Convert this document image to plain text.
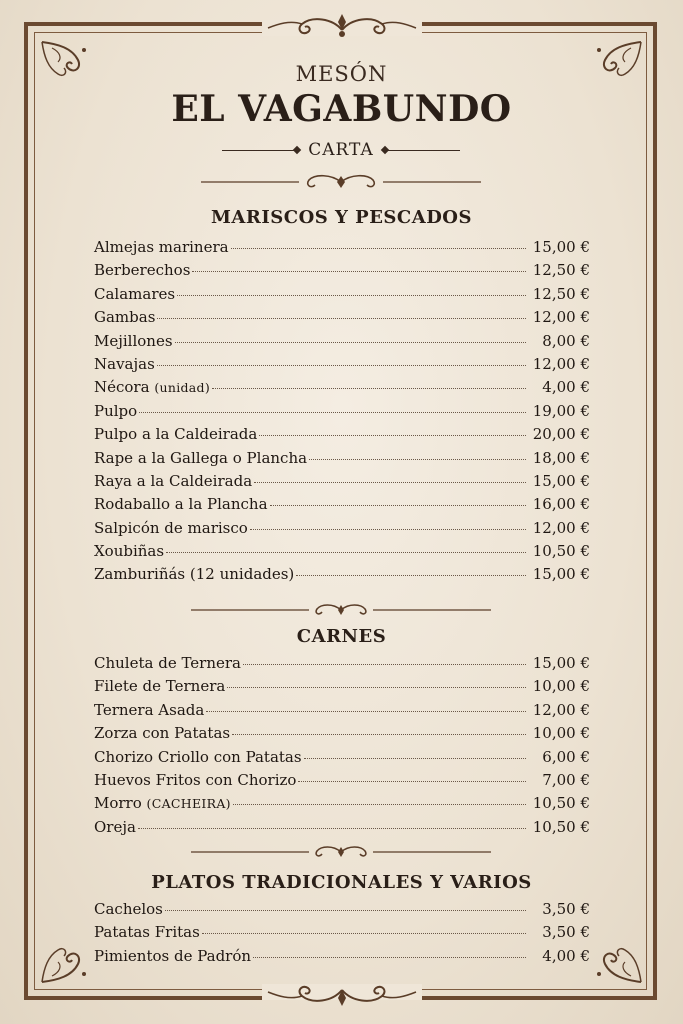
MESÓN
EL VAGABUNDO
CARTA
MARISCOS Y PESCADOS
Almejas marinera	15,00 €
Berberechos	12,50 €
Calamares	12,50 €
Gambas	12,00 €
Mejillones	8,00 €
Navajas	12,00 €
Nécora (unidad)	4,00 €
Pulpo	19,00 €
Pulpo a la Caldeirada	20,00 €
Rape a la Gallega o Plancha	18,00 €
Raya a la Caldeirada	15,00 €
Rodaballo a la Plancha	16,00 €
Salpicón de marisco	12,00 €
Xoubiñas	10,50 €
Zamburiñás (12 unidades)	15,00 €
CARNES
Chuleta de Ternera	15,00 €
Filete de Ternera	10,00 €
Ternera Asada	12,00 €
Zorza con Patatas	10,00 €
Chorizo Criollo con Patatas	6,00 €
Huevos Fritos con Chorizo	7,00 €
Morro (CACHEIRA)	10,50 €
Oreja	10,50 €
PLATOS TRADICIONALES Y VARIOS
Cachelos	3,50 €
Patatas Fritas	3,50 €
Pimientos de Padrón	4,00 €
